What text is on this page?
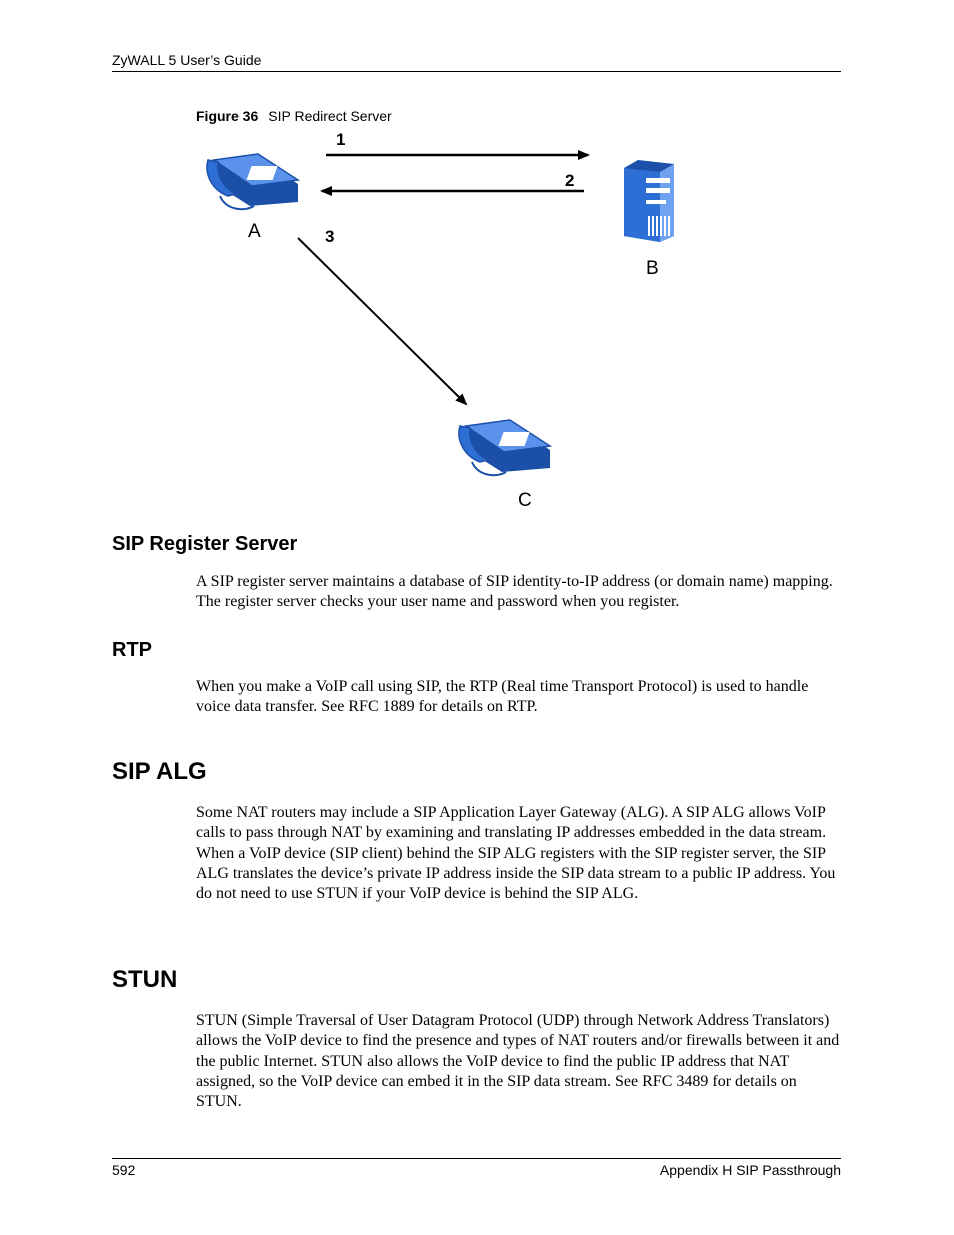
ZyWALL 5 User’s Guide
Figure 36 SIP Redirect Server
A
B
C
1
2
3
SIP Register Server

A SIP register server maintains a database of SIP identity-to-IP address (or domain name) mapping. The register server checks your user name and password when you register.

RTP

When you make a VoIP call using SIP, the RTP (Real time Transport Protocol) is used to handle voice data transfer. See RFC 1889 for details on RTP.

SIP ALG

Some NAT routers may include a SIP Application Layer Gateway (ALG). A SIP ALG allows VoIP calls to pass through NAT by examining and translating IP addresses embedded in the data stream. When a VoIP device (SIP client) behind the SIP ALG registers with the SIP register server, the SIP ALG translates the device’s private IP address inside the SIP data stream to a public IP address. You do not need to use STUN if your VoIP device is behind the SIP ALG.

STUN

STUN (Simple Traversal of User Datagram Protocol (UDP) through Network Address Translators) allows the VoIP device to find the presence and types of NAT routers and/or firewalls between it and the public Internet. STUN also allows the VoIP device to find the public IP address that NAT assigned, so the VoIP device can embed it in the SIP data stream. See RFC 3489 for details on STUN.

592	Appendix H SIP Passthrough
